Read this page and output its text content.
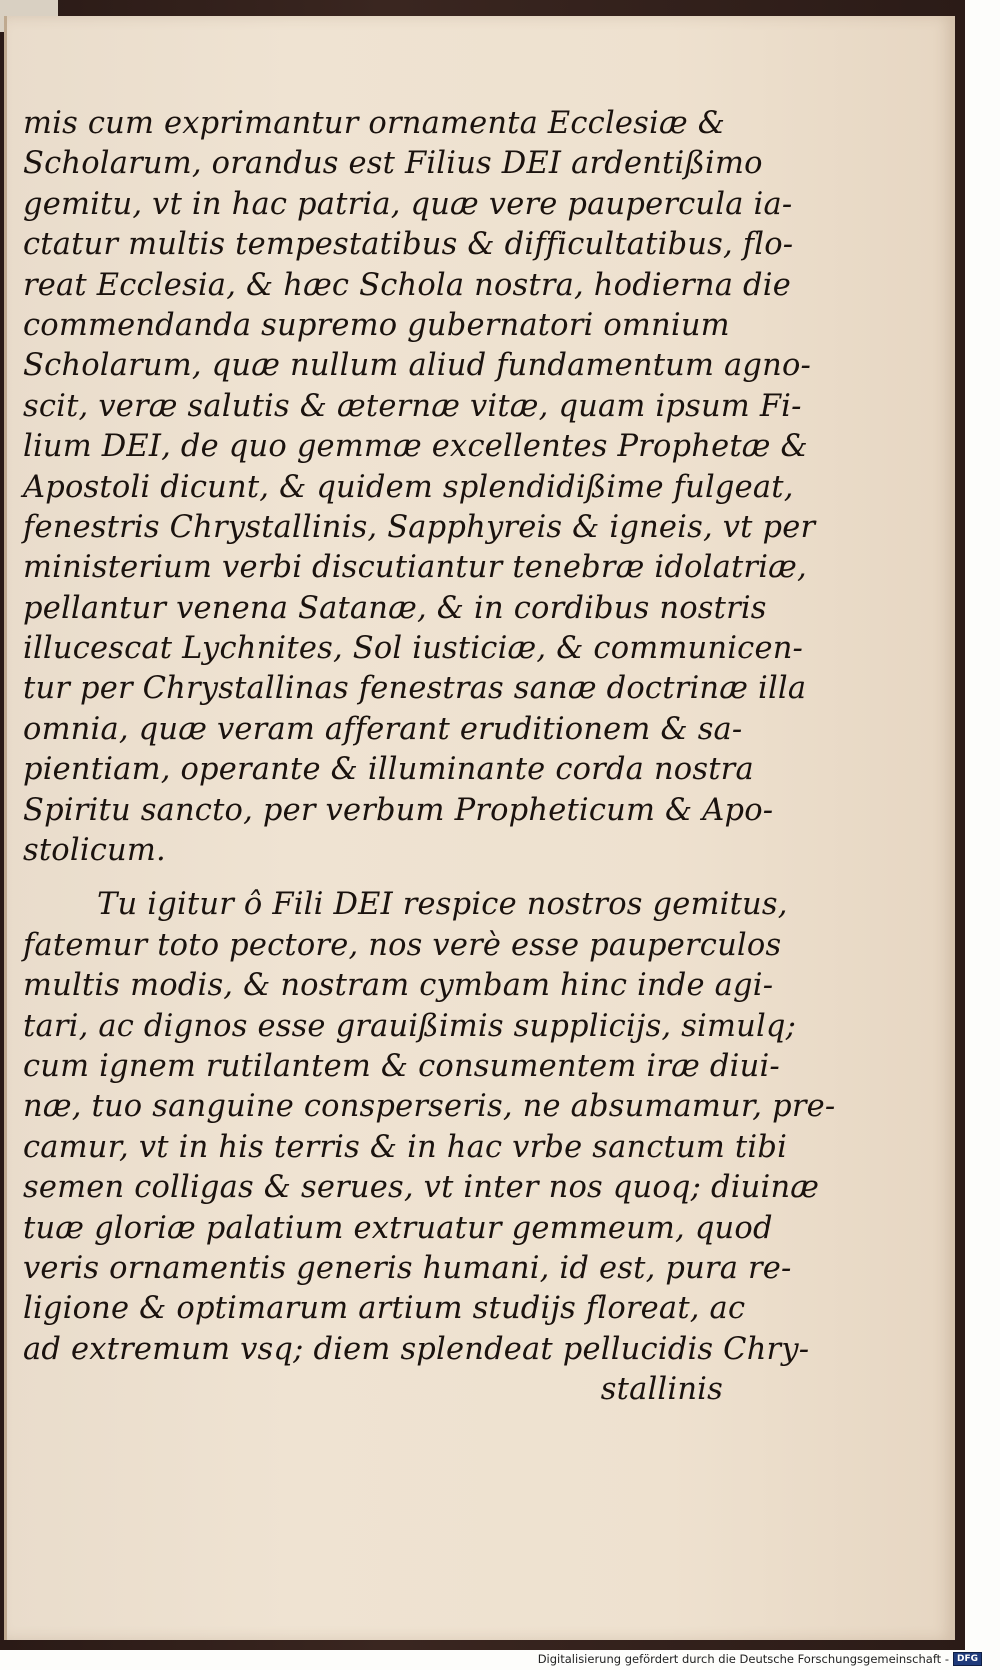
mis cum exprimantur ornamenta Ecclesiæ &
Scholarum, orandus est Filius DEI ardentißimo
gemitu, vt in hac patria, quæ vere paupercula ia-
ctatur multis tempestatibus & difficultatibus, flo-
reat Ecclesia, & hæc Schola nostra, hodierna die
commendanda supremo gubernatori omnium
Scholarum, quæ nullum aliud fundamentum agno-
scit, veræ salutis & æternæ vitæ, quam ipsum Fi-
lium DEI, de quo gemmæ excellentes Prophetæ &
Apostoli dicunt, & quidem splendidißime fulgeat,
fenestris Chrystallinis, Sapphyreis & igneis, vt per
ministerium verbi discutiantur tenebræ idolatriæ,
pellantur venena Satanæ, & in cordibus nostris
illucescat Lychnites, Sol iusticiæ, & communicen-
tur per Chrystallinas fenestras sanæ doctrinæ illa
omnia, quæ veram afferant eruditionem & sa-
pientiam, operante & illuminante corda nostra
Spiritu sancto, per verbum Propheticum & Apo-
stolicum.
Tu igitur ô Fili DEI respice nostros gemitus,
fatemur toto pectore, nos verè esse pauperculos
multis modis, & nostram cymbam hinc inde agi-
tari, ac dignos esse grauißimis supplicijs, simulq;
cum ignem rutilantem & consumentem iræ diui-
næ, tuo sanguine consperseris, ne absumamur, pre-
camur, vt in his terris & in hac vrbe sanctum tibi
semen colligas & serues, vt inter nos quoq; diuinæ
tuæ gloriæ palatium extruatur gemmeum, quod
veris ornamentis generis humani, id est, pura re-
ligione & optimarum artium studijs floreat, ac
ad extremum vsq; diem splendeat pellucidis Chry-
stallinis
Digitalisierung gefördert durch die Deutsche Forschungsgemeinschaft - DFG
